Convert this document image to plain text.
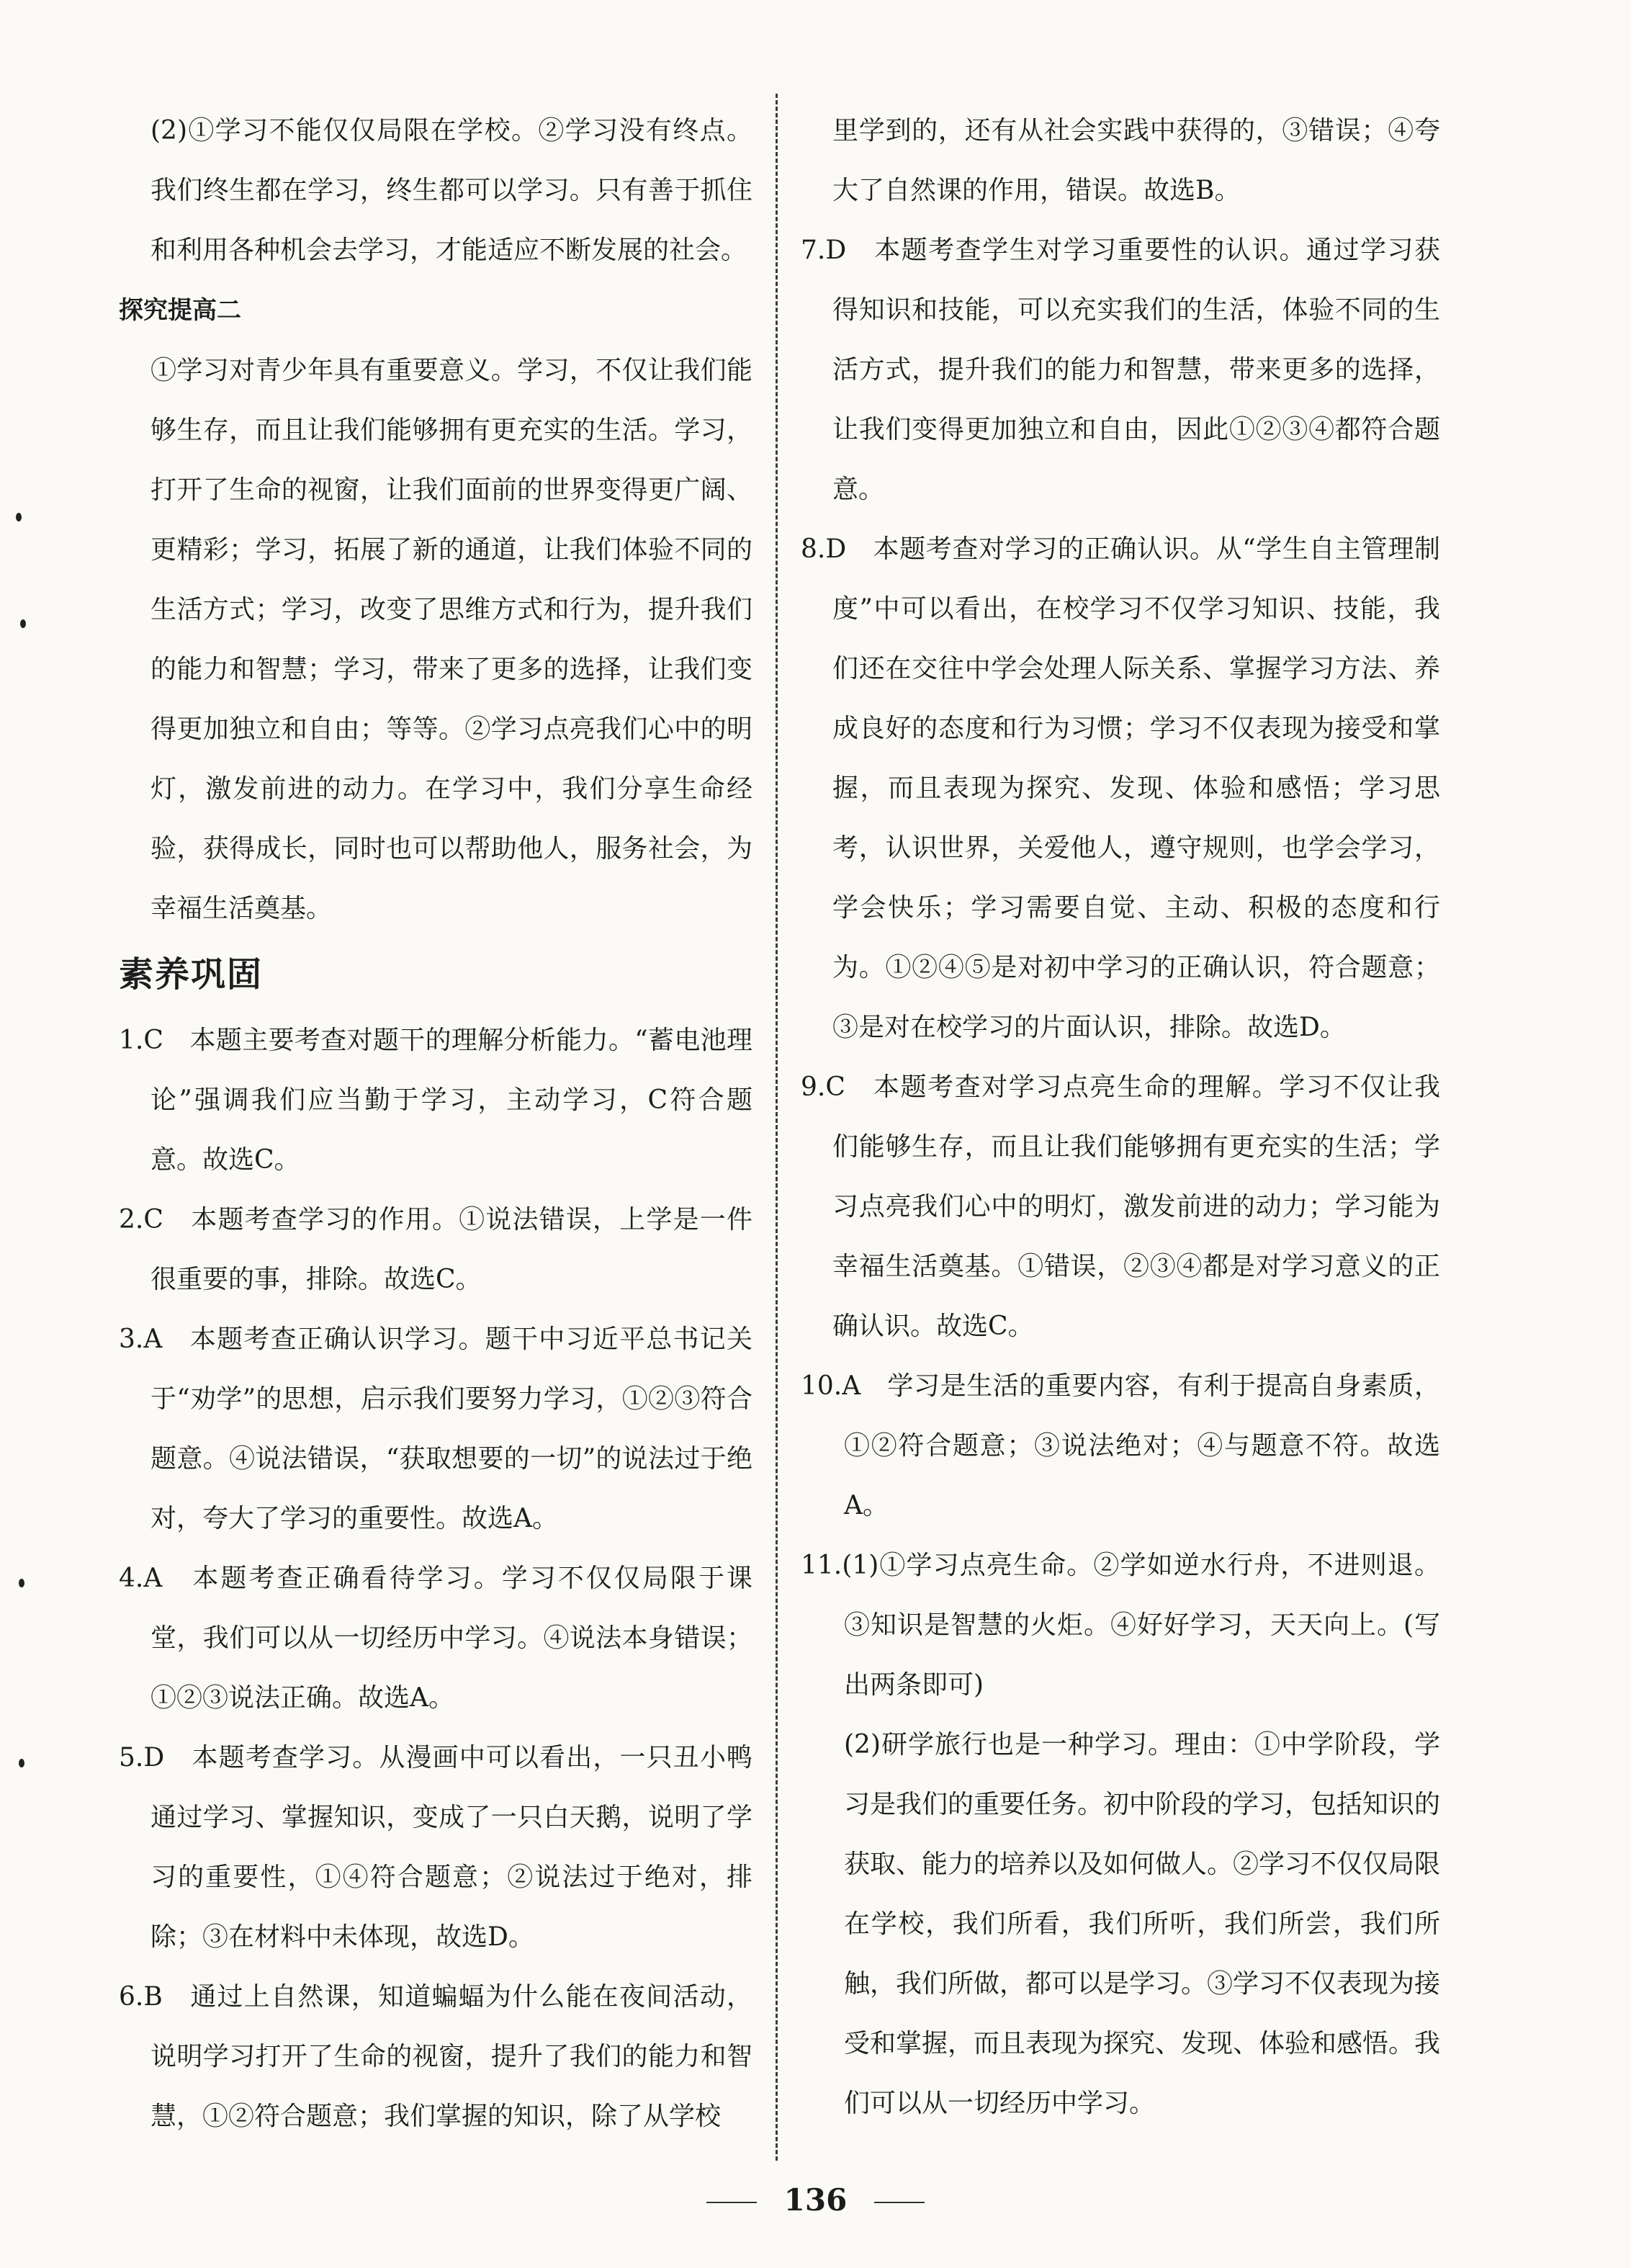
(2)①学习不能仅仅局限在学校。②学习没有终点。我们终生都在学习，终生都可以学习。只有善于抓住和利用各种机会去学习，才能适应不断发展的社会。

探究提高二

①学习对青少年具有重要意义。学习，不仅让我们能够生存，而且让我们能够拥有更充实的生活。学习，打开了生命的视窗，让我们面前的世界变得更广阔、更精彩；学习，拓展了新的通道，让我们体验不同的生活方式；学习，改变了思维方式和行为，提升我们的能力和智慧；学习，带来了更多的选择，让我们变得更加独立和自由；等等。②学习点亮我们心中的明灯，激发前进的动力。在学习中，我们分享生命经验，获得成长，同时也可以帮助他人，服务社会，为幸福生活奠基。

素养巩固

1.C　本题主要考查对题干的理解分析能力。“蓄电池理论”强调我们应当勤于学习，主动学习，C符合题意。故选C。

2.C　本题考查学习的作用。①说法错误，上学是一件很重要的事，排除。故选C。

3.A　本题考查正确认识学习。题干中习近平总书记关于“劝学”的思想，启示我们要努力学习，①②③符合题意。④说法错误，“获取想要的一切”的说法过于绝对，夸大了学习的重要性。故选A。

4.A　本题考查正确看待学习。学习不仅仅局限于课堂，我们可以从一切经历中学习。④说法本身错误；①②③说法正确。故选A。

5.D　本题考查学习。从漫画中可以看出，一只丑小鸭通过学习、掌握知识，变成了一只白天鹅，说明了学习的重要性，①④符合题意；②说法过于绝对，排除；③在材料中未体现，故选D。

6.B　通过上自然课，知道蝙蝠为什么能在夜间活动，说明学习打开了生命的视窗，提升了我们的能力和智慧，①②符合题意；我们掌握的知识，除了从学校

里学到的，还有从社会实践中获得的，③错误；④夸大了自然课的作用，错误。故选B。

7.D　本题考查学生对学习重要性的认识。通过学习获得知识和技能，可以充实我们的生活，体验不同的生活方式，提升我们的能力和智慧，带来更多的选择，让我们变得更加独立和自由，因此①②③④都符合题意。

8.D　本题考查对学习的正确认识。从“学生自主管理制度”中可以看出，在校学习不仅学习知识、技能，我们还在交往中学会处理人际关系、掌握学习方法、养成良好的态度和行为习惯；学习不仅表现为接受和掌握，而且表现为探究、发现、体验和感悟；学习思考，认识世界，关爱他人，遵守规则，也学会学习，学会快乐；学习需要自觉、主动、积极的态度和行为。①②④⑤是对初中学习的正确认识，符合题意；③是对在校学习的片面认识，排除。故选D。

9.C　本题考查对学习点亮生命的理解。学习不仅让我们能够生存，而且让我们能够拥有更充实的生活；学习点亮我们心中的明灯，激发前进的动力；学习能为幸福生活奠基。①错误，②③④都是对学习意义的正确认识。故选C。

10.A　学习是生活的重要内容，有利于提高自身素质，①②符合题意；③说法绝对；④与题意不符。故选A。

11.(1)①学习点亮生命。②学如逆水行舟，不进则退。③知识是智慧的火炬。④好好学习，天天向上。(写出两条即可)

(2)研学旅行也是一种学习。理由：①中学阶段，学习是我们的重要任务。初中阶段的学习，包括知识的获取、能力的培养以及如何做人。②学习不仅仅局限在学校，我们所看，我们所听，我们所尝，我们所触，我们所做，都可以是学习。③学习不仅表现为接受和掌握，而且表现为探究、发现、体验和感悟。我们可以从一切经历中学习。

136
